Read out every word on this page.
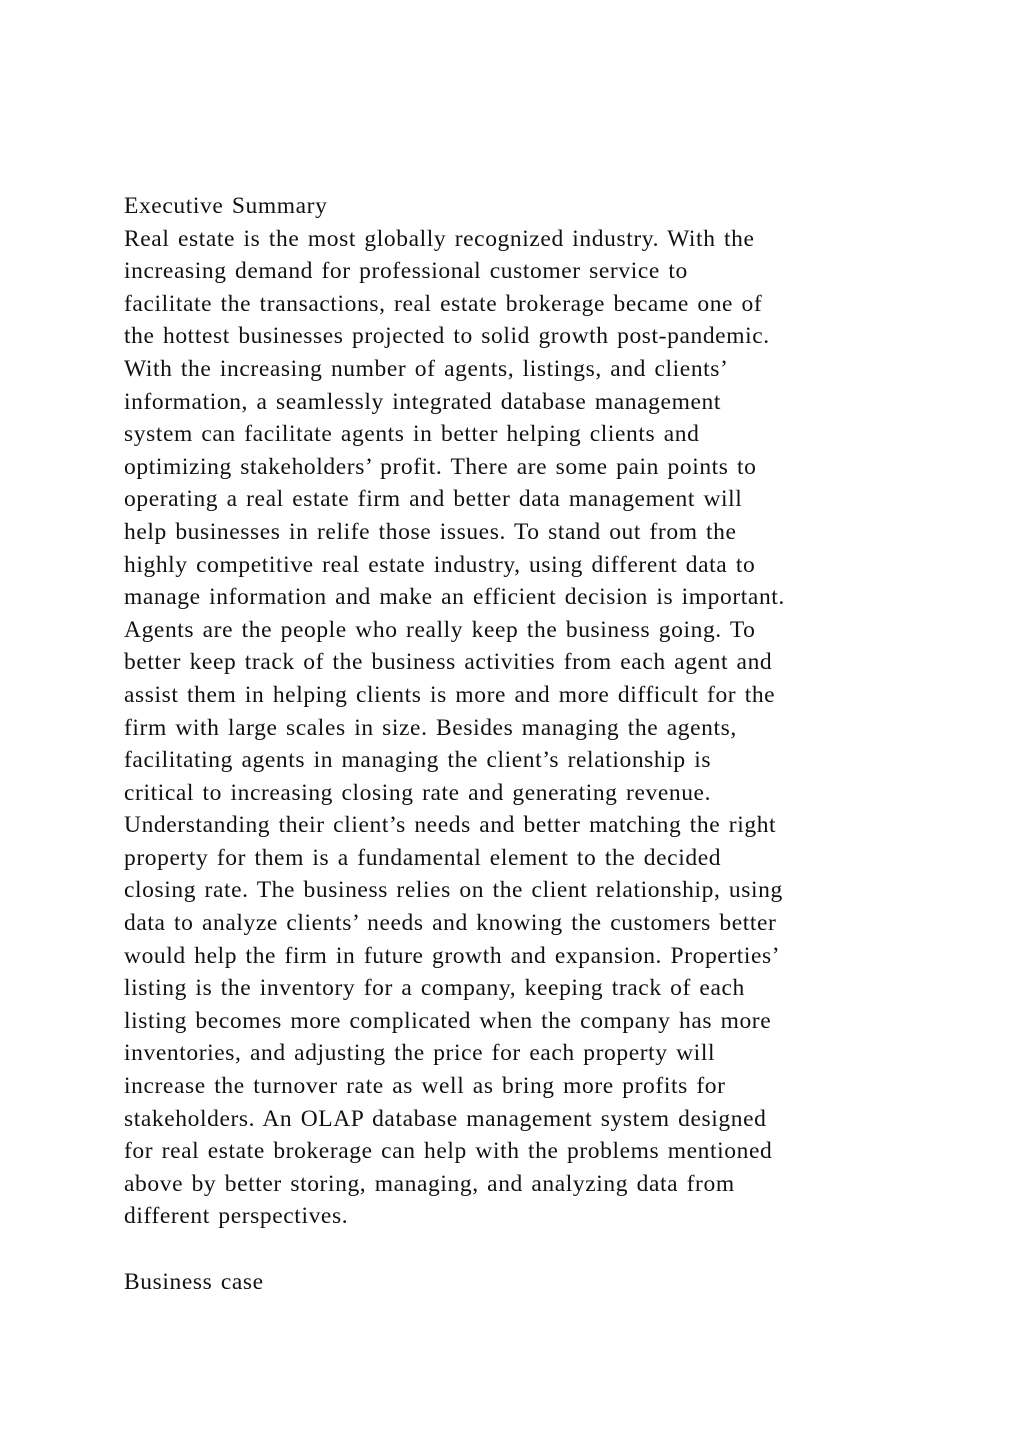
Executive Summary
Real estate is the most globally recognized industry. With the
increasing demand for professional customer service to
facilitate the transactions, real estate brokerage became one of
the hottest businesses projected to solid growth post-pandemic.
With the increasing number of agents, listings, and clients’
information, a seamlessly integrated database management
system can facilitate agents in better helping clients and
optimizing stakeholders’ profit. There are some pain points to
operating a real estate firm and better data management will
help businesses in relife those issues. To stand out from the
highly competitive real estate industry, using different data to
manage information and make an efficient decision is important.
Agents are the people who really keep the business going. To
better keep track of the business activities from each agent and
assist them in helping clients is more and more difficult for the
firm with large scales in size. Besides managing the agents,
facilitating agents in managing the client’s relationship is
critical to increasing closing rate and generating revenue.
Understanding their client’s needs and better matching the right
property for them is a fundamental element to the decided
closing rate. The business relies on the client relationship, using
data to analyze clients’ needs and knowing the customers better
would help the firm in future growth and expansion. Properties’
listing is the inventory for a company, keeping track of each
listing becomes more complicated when the company has more
inventories, and adjusting the price for each property will
increase the turnover rate as well as bring more profits for
stakeholders. An OLAP database management system designed
for real estate brokerage can help with the problems mentioned
above by better storing, managing, and analyzing data from
different perspectives.
Business case
